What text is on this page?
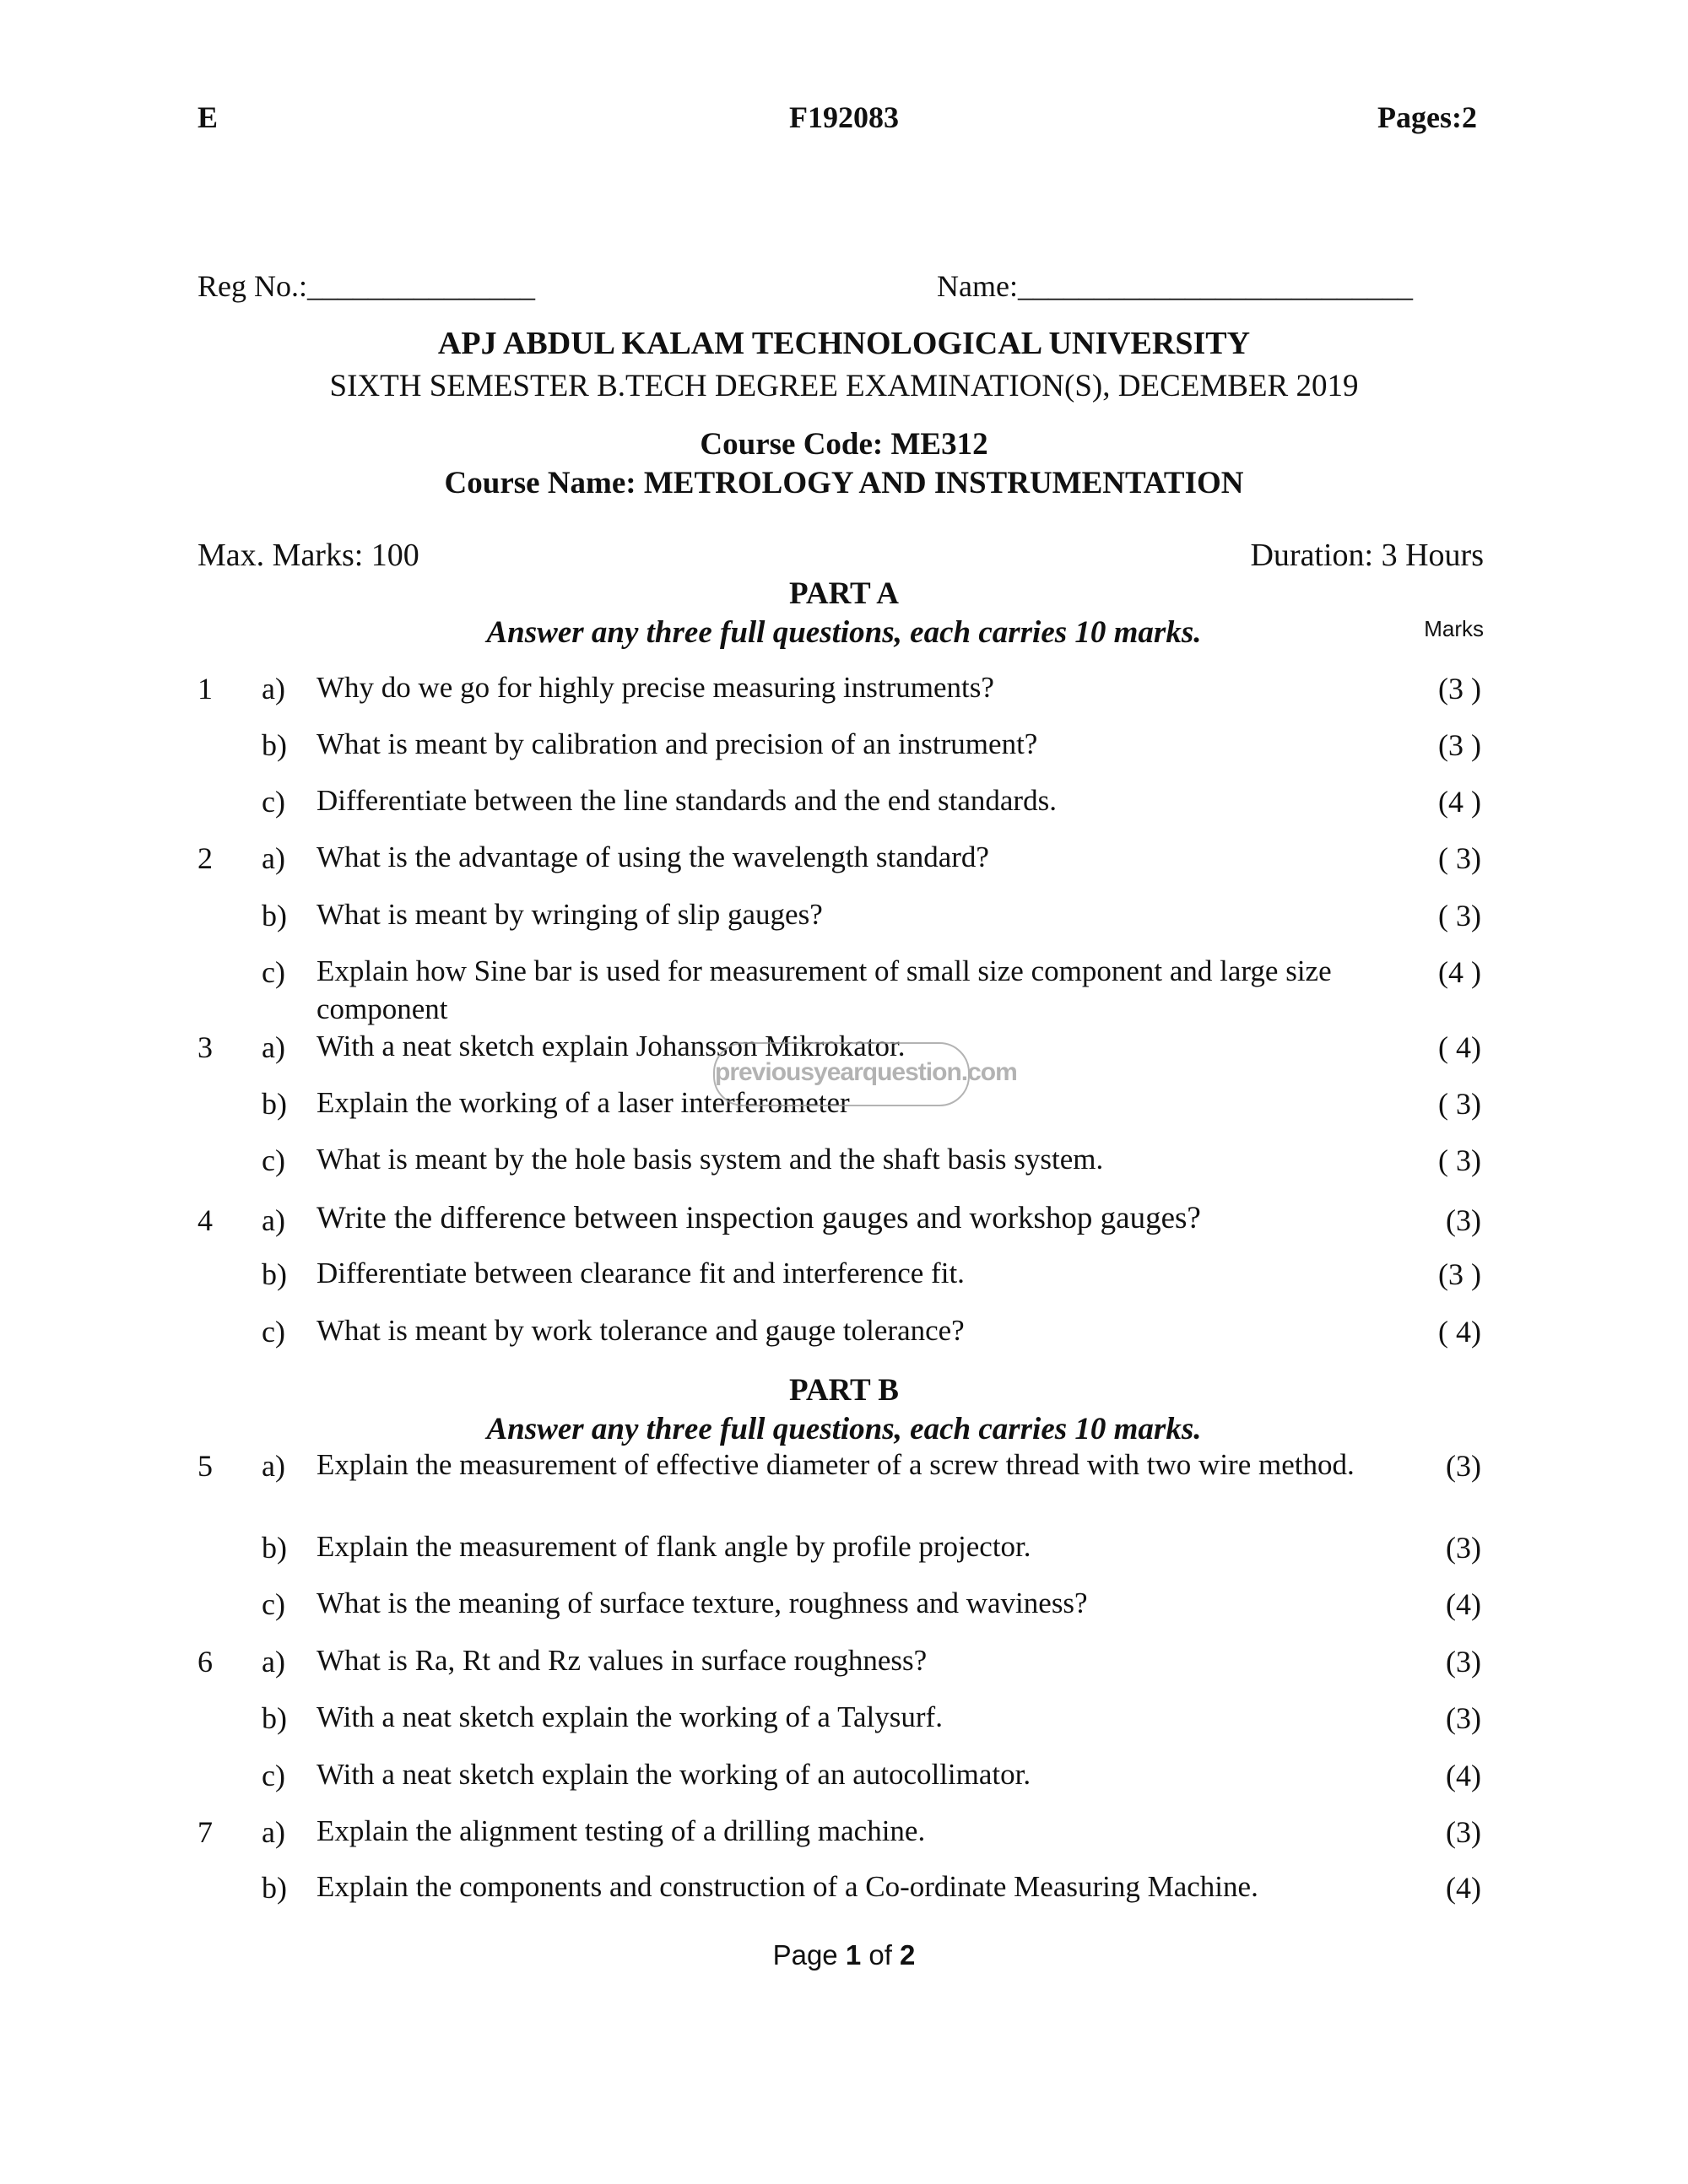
E	F192083	Pages:2
Reg No.:_______________	Name:__________________________
APJ ABDUL KALAM TECHNOLOGICAL UNIVERSITY
SIXTH SEMESTER B.TECH DEGREE EXAMINATION(S), DECEMBER 2019
Course Code: ME312
Course Name: METROLOGY AND INSTRUMENTATION
Max. Marks: 100	Duration: 3 Hours
PART A
Answer any three full questions, each carries 10 marks.	Marks
1 a) Why do we go for highly precise measuring instruments?	(3 )
b) What is meant by calibration and precision of an instrument?	(3 )
c) Differentiate between the line standards and the end standards.	(4 )
2 a) What is the advantage of using the wavelength standard?	( 3)
b) What is meant by wringing of slip gauges?	( 3)
c) Explain how Sine bar is used for measurement of small size component and large size component
(4 )
3 a) With a neat sketch explain Johansson Mikrokator.	( 4)
b) Explain the working of a laser interferometer	( 3)
c) What is meant by the hole basis system and the shaft basis system.	( 3)
4 a) Write the difference between inspection gauges and workshop gauges?	(3)
b) Differentiate between clearance fit and interference fit.	(3 )
c) What is meant by work tolerance and gauge tolerance?	( 4)
PART B
Answer any three full questions, each carries 10 marks.
5 a) Explain the measurement of effective diameter of a screw thread with two wire method.	(3)
b) Explain the measurement of flank angle by profile projector.	(3)
c) What is the meaning of surface texture, roughness and waviness?	(4)
6 a) What is Ra, Rt and Rz values in surface roughness?	(3)
b) With a neat sketch explain the working of a Talysurf.	(3)
c) With a neat sketch explain the working of an autocollimator.	(4)
7 a) Explain the alignment testing of a drilling machine.	(3)
b) Explain the components and construction of a Co-ordinate Measuring Machine.	(4)
previousyearquestion.com
Page 1 of 2
